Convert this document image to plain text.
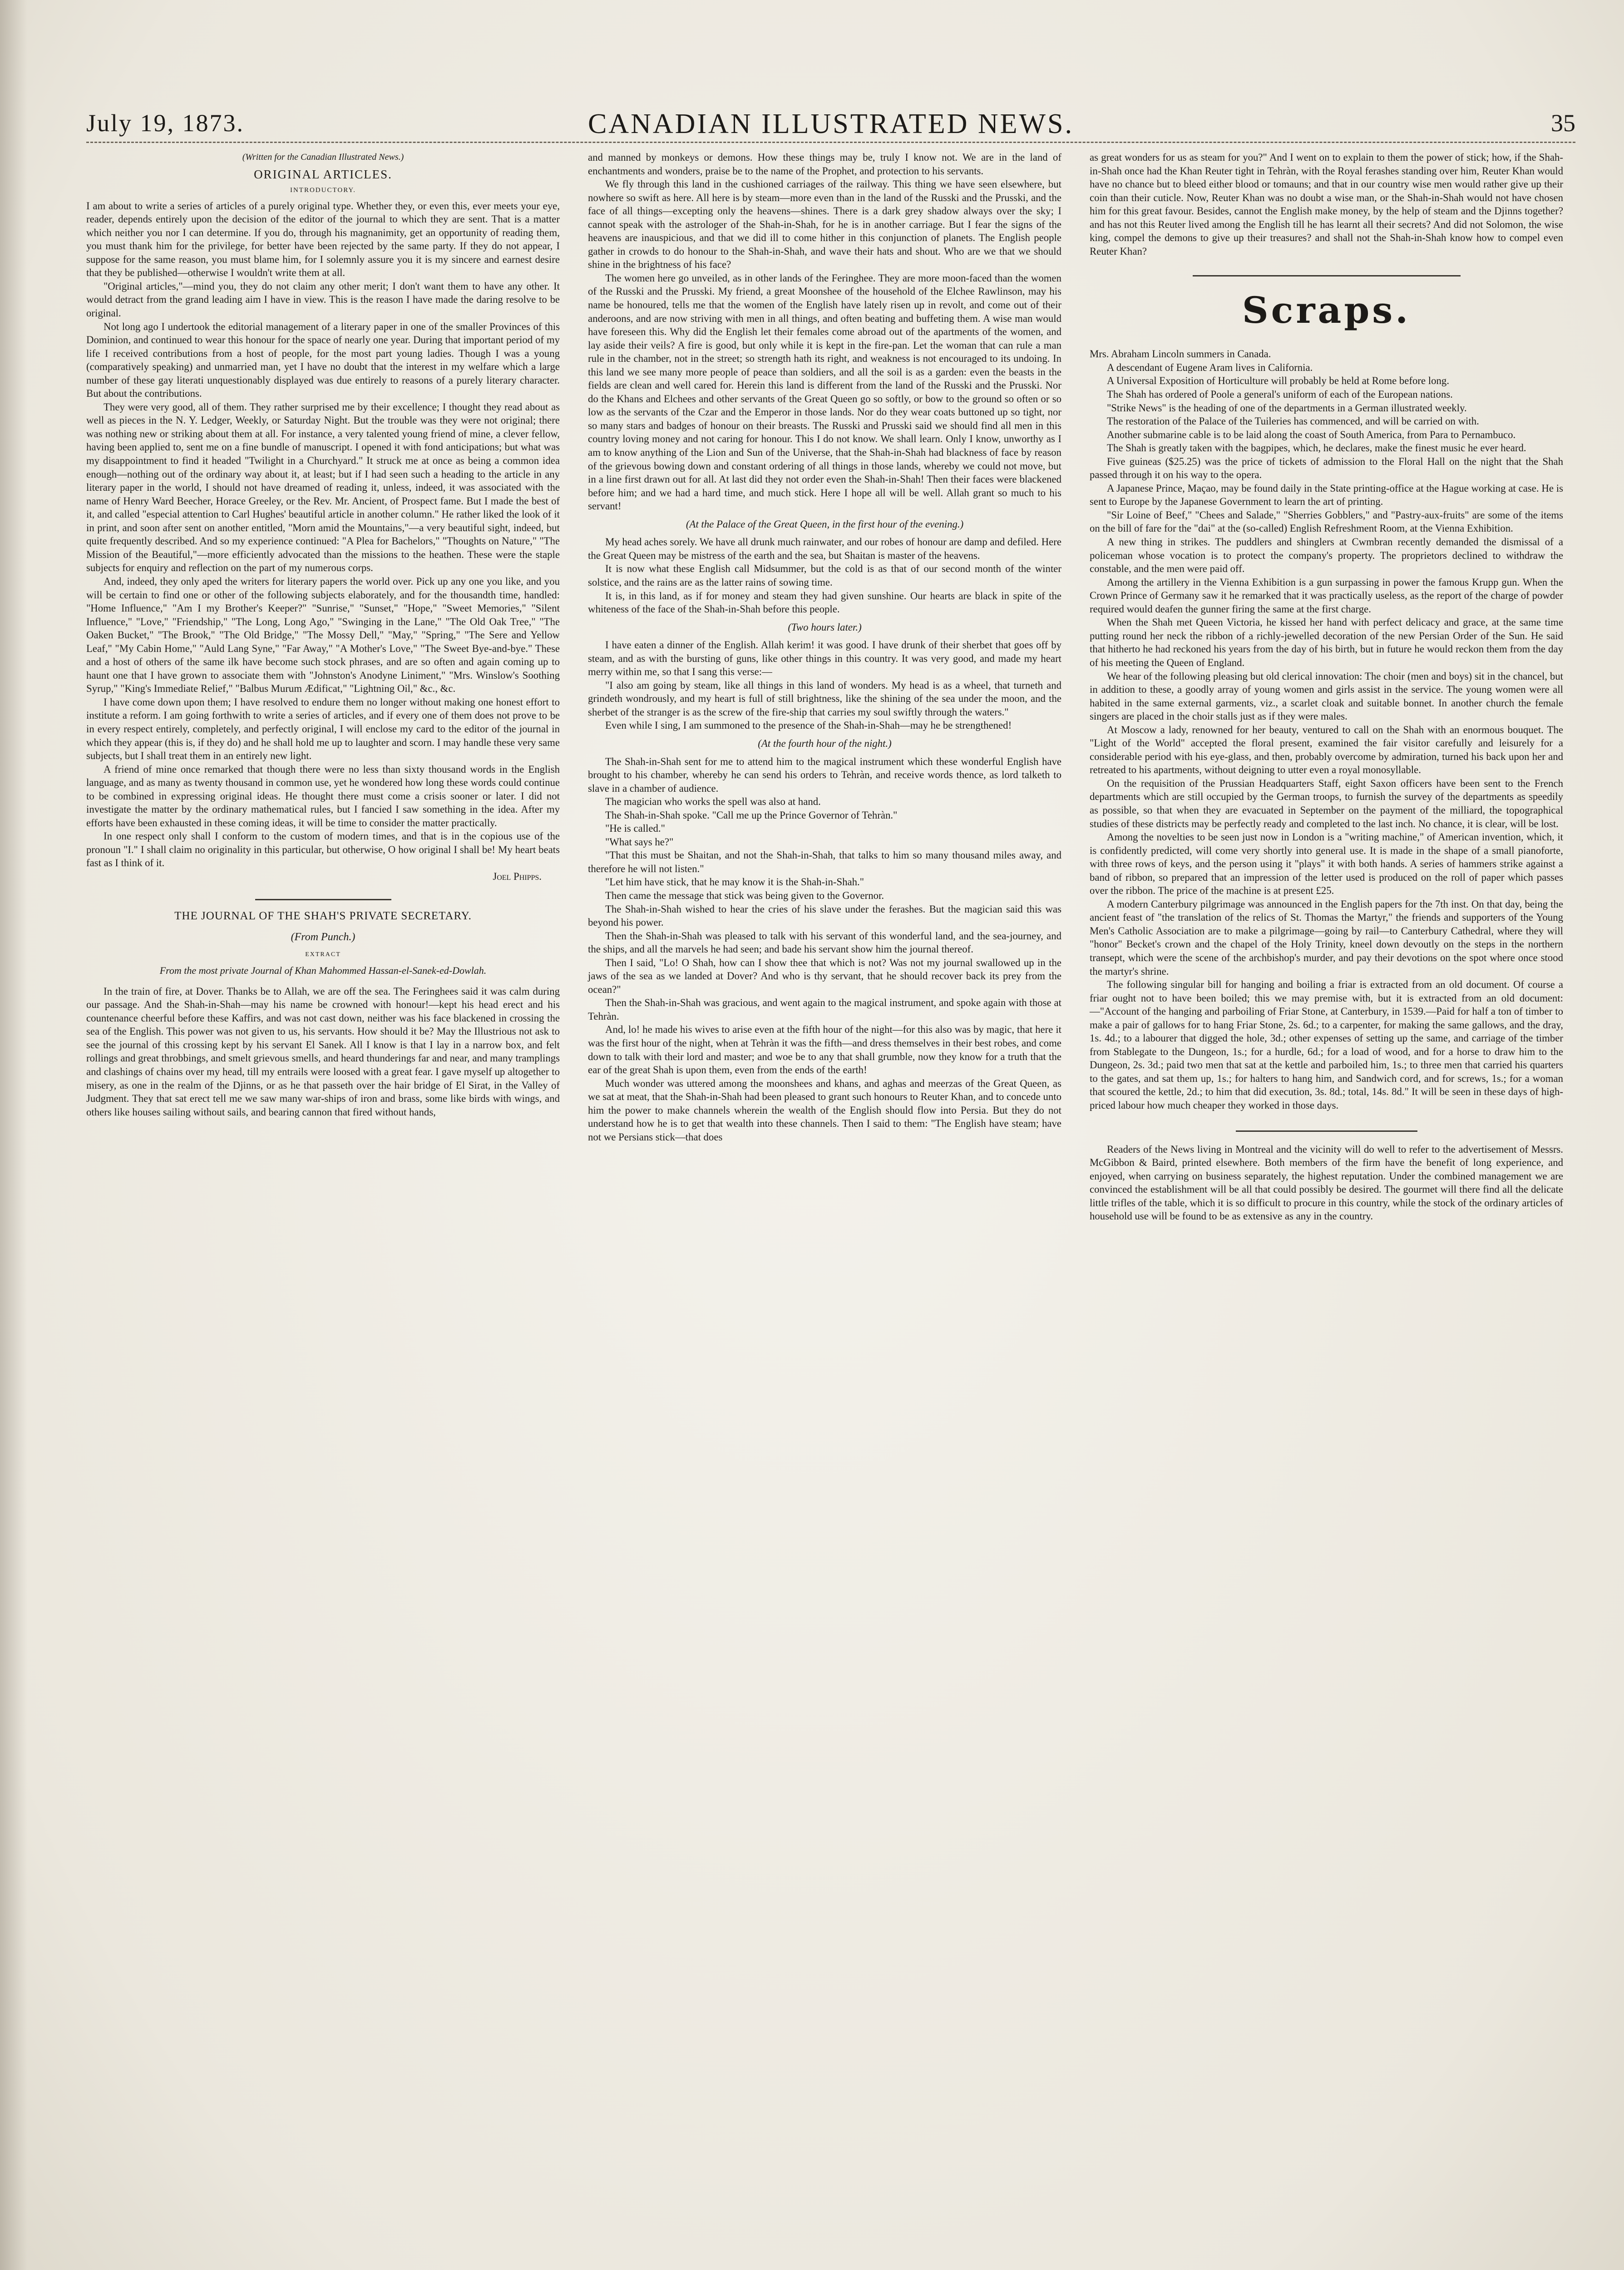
July 19, 1873.	CANADIAN ILLUSTRATED NEWS.	35

(Written for the Canadian Illustrated News.)

ORIGINAL ARTICLES.
INTRODUCTORY.

I am about to write a series of articles of a purely original type. Whether they, or even this, ever meets your eye, reader, depends entirely upon the decision of the editor of the journal to which they are sent. That is a matter which neither you nor I can determine. If you do, through his magnanimity, get an opportunity of reading them, you must thank him for the privilege, for better have been rejected by the same party. If they do not appear, I suppose for the same reason, you must blame him, for I solemnly assure you it is my sincere and earnest desire that they be published—otherwise I wouldn't write them at all.

"Original articles,"—mind you, they do not claim any other merit; I don't want them to have any other. It would detract from the grand leading aim I have in view. This is the reason I have made the daring resolve to be original.

Not long ago I undertook the editorial management of a literary paper in one of the smaller Provinces of this Dominion, and continued to wear this honour for the space of nearly one year. During that important period of my life I received contributions from a host of people, for the most part young ladies. Though I was a young (comparatively speaking) and unmarried man, yet I have no doubt that the interest in my welfare which a large number of these gay literati unquestionably displayed was due entirely to reasons of a purely literary character. But about the contributions.

They were very good, all of them. They rather surprised me by their excellence; I thought they read about as well as pieces in the N. Y. Ledger, Weekly, or Saturday Night. But the trouble was they were not original; there was nothing new or striking about them at all. For instance, a very talented young friend of mine, a clever fellow, having been applied to, sent me on a fine bundle of manuscript. I opened it with fond anticipations; but what was my disappointment to find it headed "Twilight in a Churchyard." It struck me at once as being a common idea enough—nothing out of the ordinary way about it, at least; but if I had seen such a heading to the article in any literary paper in the world, I should not have dreamed of reading it, unless, indeed, it was associated with the name of Henry Ward Beecher, Horace Greeley, or the Rev. Mr. Ancient, of Prospect fame. But I made the best of it, and called "especial attention to Carl Hughes' beautiful article in another column." He rather liked the look of it in print, and soon after sent on another entitled, "Morn amid the Mountains,"—a very beautiful sight, indeed, but quite frequently described. And so my experience continued: "A Plea for Bachelors," "Thoughts on Nature," "The Mission of the Beautiful,"—more efficiently advocated than the missions to the heathen. These were the staple subjects for enquiry and reflection on the part of my numerous corps.

And, indeed, they only aped the writers for literary papers the world over. Pick up any one you like, and you will be certain to find one or other of the following subjects elaborately, and for the thousandth time, handled: "Home Influence," "Am I my Brother's Keeper?" "Sunrise," "Sunset," "Hope," "Sweet Memories," "Silent Influence," "Love," "Friendship," "The Long, Long Ago," "Swinging in the Lane," "The Old Oak Tree," "The Oaken Bucket," "The Brook," "The Old Bridge," "The Mossy Dell," "May," "Spring," "The Sere and Yellow Leaf," "My Cabin Home," "Auld Lang Syne," "Far Away," "A Mother's Love," "The Sweet Bye-and-bye." These and a host of others of the same ilk have become such stock phrases, and are so often and again coming up to haunt one that I have grown to associate them with "Johnston's Anodyne Liniment," "Mrs. Winslow's Soothing Syrup," "King's Immediate Relief," "Balbus Murum Ædificat," "Lightning Oil," &c., &c.

I have come down upon them; I have resolved to endure them no longer without making one honest effort to institute a reform. I am going forthwith to write a series of articles, and if every one of them does not prove to be in every respect entirely, completely, and perfectly original, I will enclose my card to the editor of the journal in which they appear (this is, if they do) and he shall hold me up to laughter and scorn. I may handle these very same subjects, but I shall treat them in an entirely new light.

A friend of mine once remarked that though there were no less than sixty thousand words in the English language, and as many as twenty thousand in common use, yet he wondered how long these words could continue to be combined in expressing original ideas. He thought there must come a crisis sooner or later. I did not investigate the matter by the ordinary mathematical rules, but I fancied I saw something in the idea. After my efforts have been exhausted in these coming ideas, it will be time to consider the matter practically.

In one respect only shall I conform to the custom of modern times, and that is in the copious use of the pronoun "I." I shall claim no originality in this particular, but otherwise, O how original I shall be! My heart beats fast as I think of it.

Joel Phipps.

THE JOURNAL OF THE SHAH'S PRIVATE SECRETARY.
(From Punch.)
EXTRACT

From the most private Journal of Khan Mahommed Hassan-el-Sanek-ed-Dowlah.

In the train of fire, at Dover. Thanks be to Allah, we are off the sea. The Feringhees said it was calm during our passage. And the Shah-in-Shah—may his name be crowned with honour!—kept his head erect and his countenance cheerful before these Kaffirs, and was not cast down, neither was his face blackened in crossing the sea of the English. This power was not given to us, his servants. How should it be? May the Illustrious not ask to see the journal of this crossing kept by his servant El Sanek. All I know is that I lay in a narrow box, and felt rollings and great throbbings, and smelt grievous smells, and heard thunderings far and near, and many tramplings and clashings of chains over my head, till my entrails were loosed with a great fear. I gave myself up altogether to misery, as one in the realm of the Djinns, or as he that passeth over the hair bridge of El Sirat, in the Valley of Judgment. They that sat erect tell me we saw many war-ships of iron and brass, some like birds with wings, and others like houses sailing without sails, and bearing cannon that fired without hands,

and manned by monkeys or demons. How these things may be, truly I know not. We are in the land of enchantments and wonders, praise be to the name of the Prophet, and protection to his servants.

We fly through this land in the cushioned carriages of the railway. This thing we have seen elsewhere, but nowhere so swift as here. All here is by steam—more even than in the land of the Russki and the Prusski, and the face of all things—excepting only the heavens—shines. There is a dark grey shadow always over the sky; I cannot speak with the astrologer of the Shah-in-Shah, for he is in another carriage. But I fear the signs of the heavens are inauspicious, and that we did ill to come hither in this conjunction of planets. The English people gather in crowds to do honour to the Shah-in-Shah, and wave their hats and shout. Who are we that we should shine in the brightness of his face?

The women here go unveiled, as in other lands of the Feringhee. They are more moon-faced than the women of the Russki and the Prusski. My friend, a great Moonshee of the household of the Elchee Rawlinson, may his name be honoured, tells me that the women of the English have lately risen up in revolt, and come out of their anderoons, and are now striving with men in all things, and often beating and buffeting them. A wise man would have foreseen this. Why did the English let their females come abroad out of the apartments of the women, and lay aside their veils? A fire is good, but only while it is kept in the fire-pan. Let the woman that can rule a man rule in the chamber, not in the street; so strength hath its right, and weakness is not encouraged to its undoing. In this land we see many more people of peace than soldiers, and all the soil is as a garden: even the beasts in the fields are clean and well cared for. Herein this land is different from the land of the Russki and the Prusski. Nor do the Khans and Elchees and other servants of the Great Queen go so softly, or bow to the ground so often or so low as the servants of the Czar and the Emperor in those lands. Nor do they wear coats buttoned up so tight, nor so many stars and badges of honour on their breasts. The Russki and Prusski said we should find all men in this country loving money and not caring for honour. This I do not know. We shall learn. Only I know, unworthy as I am to know anything of the Lion and Sun of the Universe, that the Shah-in-Shah had blackness of face by reason of the grievous bowing down and constant ordering of all things in those lands, whereby we could not move, but in a line first drawn out for all. At last did they not order even the Shah-in-Shah! Then their faces were blackened before him; and we had a hard time, and much stick. Here I hope all will be well. Allah grant so much to his servant!

(At the Palace of the Great Queen, in the first hour of the evening.)

My head aches sorely. We have all drunk much rainwater, and our robes of honour are damp and defiled. Here the Great Queen may be mistress of the earth and the sea, but Shaitan is master of the heavens.

It is now what these English call Midsummer, but the cold is as that of our second month of the winter solstice, and the rains are as the latter rains of sowing time.

It is, in this land, as if for money and steam they had given sunshine. Our hearts are black in spite of the whiteness of the face of the Shah-in-Shah before this people.

(Two hours later.)

I have eaten a dinner of the English. Allah kerim! it was good. I have drunk of their sherbet that goes off by steam, and as with the bursting of guns, like other things in this country. It was very good, and made my heart merry within me, so that I sang this verse:—

"I also am going by steam, like all things in this land of wonders. My head is as a wheel, that turneth and grindeth wondrously, and my heart is full of still brightness, like the shining of the sea under the moon, and the sherbet of the stranger is as the screw of the fire-ship that carries my soul swiftly through the waters."

Even while I sing, I am summoned to the presence of the Shah-in-Shah—may he be strengthened!

(At the fourth hour of the night.)

The Shah-in-Shah sent for me to attend him to the magical instrument which these wonderful English have brought to his chamber, whereby he can send his orders to Tehràn, and receive words thence, as lord talketh to slave in a chamber of audience.

The magician who works the spell was also at hand.

The Shah-in-Shah spoke. "Call me up the Prince Governor of Tehràn."

"He is called."

"What says he?"

"That this must be Shaitan, and not the Shah-in-Shah, that talks to him so many thousand miles away, and therefore he will not listen."

"Let him have stick, that he may know it is the Shah-in-Shah."

Then came the message that stick was being given to the Governor.

The Shah-in-Shah wished to hear the cries of his slave under the ferashes. But the magician said this was beyond his power.

Then the Shah-in-Shah was pleased to talk with his servant of this wonderful land, and the sea-journey, and the ships, and all the marvels he had seen; and bade his servant show him the journal thereof.

Then I said, "Lo! O Shah, how can I show thee that which is not? Was not my journal swallowed up in the jaws of the sea as we landed at Dover? And who is thy servant, that he should recover back its prey from the ocean?"

Then the Shah-in-Shah was gracious, and went again to the magical instrument, and spoke again with those at Tehràn.

And, lo! he made his wives to arise even at the fifth hour of the night—for this also was by magic, that here it was the first hour of the night, when at Tehràn it was the fifth—and dress themselves in their best robes, and come down to talk with their lord and master; and woe be to any that shall grumble, now they know for a truth that the ear of the great Shah is upon them, even from the ends of the earth!

Much wonder was uttered among the moonshees and khans, and aghas and meerzas of the Great Queen, as we sat at meat, that the Shah-in-Shah had been pleased to grant such honours to Reuter Khan, and to concede unto him the power to make channels wherein the wealth of the English should flow into Persia. But they do not understand how he is to get that wealth into these channels. Then I said to them: "The English have steam; have not we Persians stick—that does

as great wonders for us as steam for you?" And I went on to explain to them the power of stick; how, if the Shah-in-Shah once had the Khan Reuter tight in Tehràn, with the Royal ferashes standing over him, Reuter Khan would have no chance but to bleed either blood or tomauns; and that in our country wise men would rather give up their coin than their cuticle. Now, Reuter Khan was no doubt a wise man, or the Shah-in-Shah would not have chosen him for this great favour. Besides, cannot the English make money, by the help of steam and the Djinns together? and has not this Reuter lived among the English till he has learnt all their secrets? And did not Solomon, the wise king, compel the demons to give up their treasures? and shall not the Shah-in-Shah know how to compel even Reuter Khan?

Scraps.

Mrs. Abraham Lincoln summers in Canada.

A descendant of Eugene Aram lives in California.

A Universal Exposition of Horticulture will probably be held at Rome before long.

The Shah has ordered of Poole a general's uniform of each of the European nations.

"Strike News" is the heading of one of the departments in a German illustrated weekly.

The restoration of the Palace of the Tuileries has commenced, and will be carried on with.

Another submarine cable is to be laid along the coast of South America, from Para to Pernambuco.

The Shah is greatly taken with the bagpipes, which, he declares, make the finest music he ever heard.

Five guineas ($25.25) was the price of tickets of admission to the Floral Hall on the night that the Shah passed through it on his way to the opera.

A Japanese Prince, Maçao, may be found daily in the State printing-office at the Hague working at case. He is sent to Europe by the Japanese Government to learn the art of printing.

"Sir Loine of Beef," "Chees and Salade," "Sherries Gobblers," and "Pastry-aux-fruits" are some of the items on the bill of fare for the "dai" at the (so-called) English Refreshment Room, at the Vienna Exhibition.

A new thing in strikes. The puddlers and shinglers at Cwmbran recently demanded the dismissal of a policeman whose vocation is to protect the company's property. The proprietors declined to withdraw the constable, and the men were paid off.

Among the artillery in the Vienna Exhibition is a gun surpassing in power the famous Krupp gun. When the Crown Prince of Germany saw it he remarked that it was practically useless, as the report of the charge of powder required would deafen the gunner firing the same at the first charge.

When the Shah met Queen Victoria, he kissed her hand with perfect delicacy and grace, at the same time putting round her neck the ribbon of a richly-jewelled decoration of the new Persian Order of the Sun. He said that hitherto he had reckoned his years from the day of his birth, but in future he would reckon them from the day of his meeting the Queen of England.

We hear of the following pleasing but old clerical innovation: The choir (men and boys) sit in the chancel, but in addition to these, a goodly array of young women and girls assist in the service. The young women were all habited in the same external garments, viz., a scarlet cloak and suitable bonnet. In another church the female singers are placed in the choir stalls just as if they were males.

At Moscow a lady, renowned for her beauty, ventured to call on the Shah with an enormous bouquet. The "Light of the World" accepted the floral present, examined the fair visitor carefully and leisurely for a considerable period with his eye-glass, and then, probably overcome by admiration, turned his back upon her and retreated to his apartments, without deigning to utter even a royal monosyllable.

On the requisition of the Prussian Headquarters Staff, eight Saxon officers have been sent to the French departments which are still occupied by the German troops, to furnish the survey of the departments as speedily as possible, so that when they are evacuated in September on the payment of the milliard, the topographical studies of these districts may be perfectly ready and completed to the last inch. No chance, it is clear, will be lost.

Among the novelties to be seen just now in London is a "writing machine," of American invention, which, it is confidently predicted, will come very shortly into general use. It is made in the shape of a small pianoforte, with three rows of keys, and the person using it "plays" it with both hands. A series of hammers strike against a band of ribbon, so prepared that an impression of the letter used is produced on the roll of paper which passes over the ribbon. The price of the machine is at present £25.

A modern Canterbury pilgrimage was announced in the English papers for the 7th inst. On that day, being the ancient feast of "the translation of the relics of St. Thomas the Martyr," the friends and supporters of the Young Men's Catholic Association are to make a pilgrimage—going by rail—to Canterbury Cathedral, where they will "honor" Becket's crown and the chapel of the Holy Trinity, kneel down devoutly on the steps in the northern transept, which were the scene of the archbishop's murder, and pay their devotions on the spot where once stood the martyr's shrine.

The following singular bill for hanging and boiling a friar is extracted from an old document. Of course a friar ought not to have been boiled; this we may premise with, but it is extracted from an old document:—"Account of the hanging and parboiling of Friar Stone, at Canterbury, in 1539.—Paid for half a ton of timber to make a pair of gallows for to hang Friar Stone, 2s. 6d.; to a carpenter, for making the same gallows, and the dray, 1s. 4d.; to a labourer that digged the hole, 3d.; other expenses of setting up the same, and carriage of the timber from Stablegate to the Dungeon, 1s.; for a hurdle, 6d.; for a load of wood, and for a horse to draw him to the Dungeon, 2s. 3d.; paid two men that sat at the kettle and parboiled him, 1s.; to three men that carried his quarters to the gates, and sat them up, 1s.; for halters to hang him, and Sandwich cord, and for screws, 1s.; for a woman that scoured the kettle, 2d.; to him that did execution, 3s. 8d.; total, 14s. 8d." It will be seen in these days of high-priced labour how much cheaper they worked in those days.

Readers of the News living in Montreal and the vicinity will do well to refer to the advertisement of Messrs. McGibbon & Baird, printed elsewhere. Both members of the firm have the benefit of long experience, and enjoyed, when carrying on business separately, the highest reputation. Under the combined management we are convinced the establishment will be all that could possibly be desired. The gourmet will there find all the delicate little trifles of the table, which it is so difficult to procure in this country, while the stock of the ordinary articles of household use will be found to be as extensive as any in the country.
